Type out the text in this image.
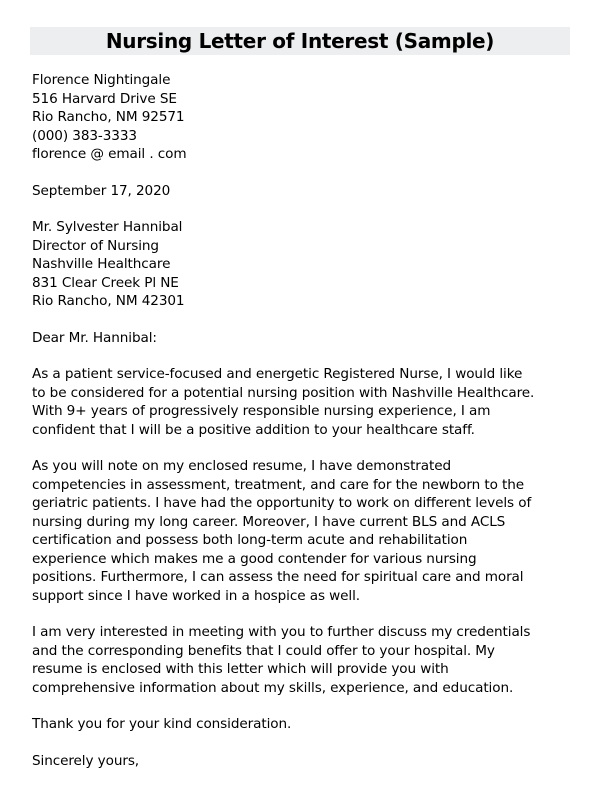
Nursing Letter of Interest (Sample)
Florence Nightingale
516 Harvard Drive SE
Rio Rancho, NM 92571
(000) 383-3333
florence @ email . com
September 17, 2020
Mr. Sylvester Hannibal
Director of Nursing
Nashville Healthcare
831 Clear Creek Pl NE
Rio Rancho, NM 42301
Dear Mr. Hannibal:
As a patient service-focused and energetic Registered Nurse, I would like
to be considered for a potential nursing position with Nashville Healthcare.
With 9+ years of progressively responsible nursing experience, I am
confident that I will be a positive addition to your healthcare staff.
As you will note on my enclosed resume, I have demonstrated
competencies in assessment, treatment, and care for the newborn to the
geriatric patients. I have had the opportunity to work on different levels of
nursing during my long career. Moreover, I have current BLS and ACLS
certification and possess both long-term acute and rehabilitation
experience which makes me a good contender for various nursing
positions. Furthermore, I can assess the need for spiritual care and moral
support since I have worked in a hospice as well.
I am very interested in meeting with you to further discuss my credentials
and the corresponding benefits that I could offer to your hospital. My
resume is enclosed with this letter which will provide you with
comprehensive information about my skills, experience, and education.
Thank you for your kind consideration.
Sincerely yours,
